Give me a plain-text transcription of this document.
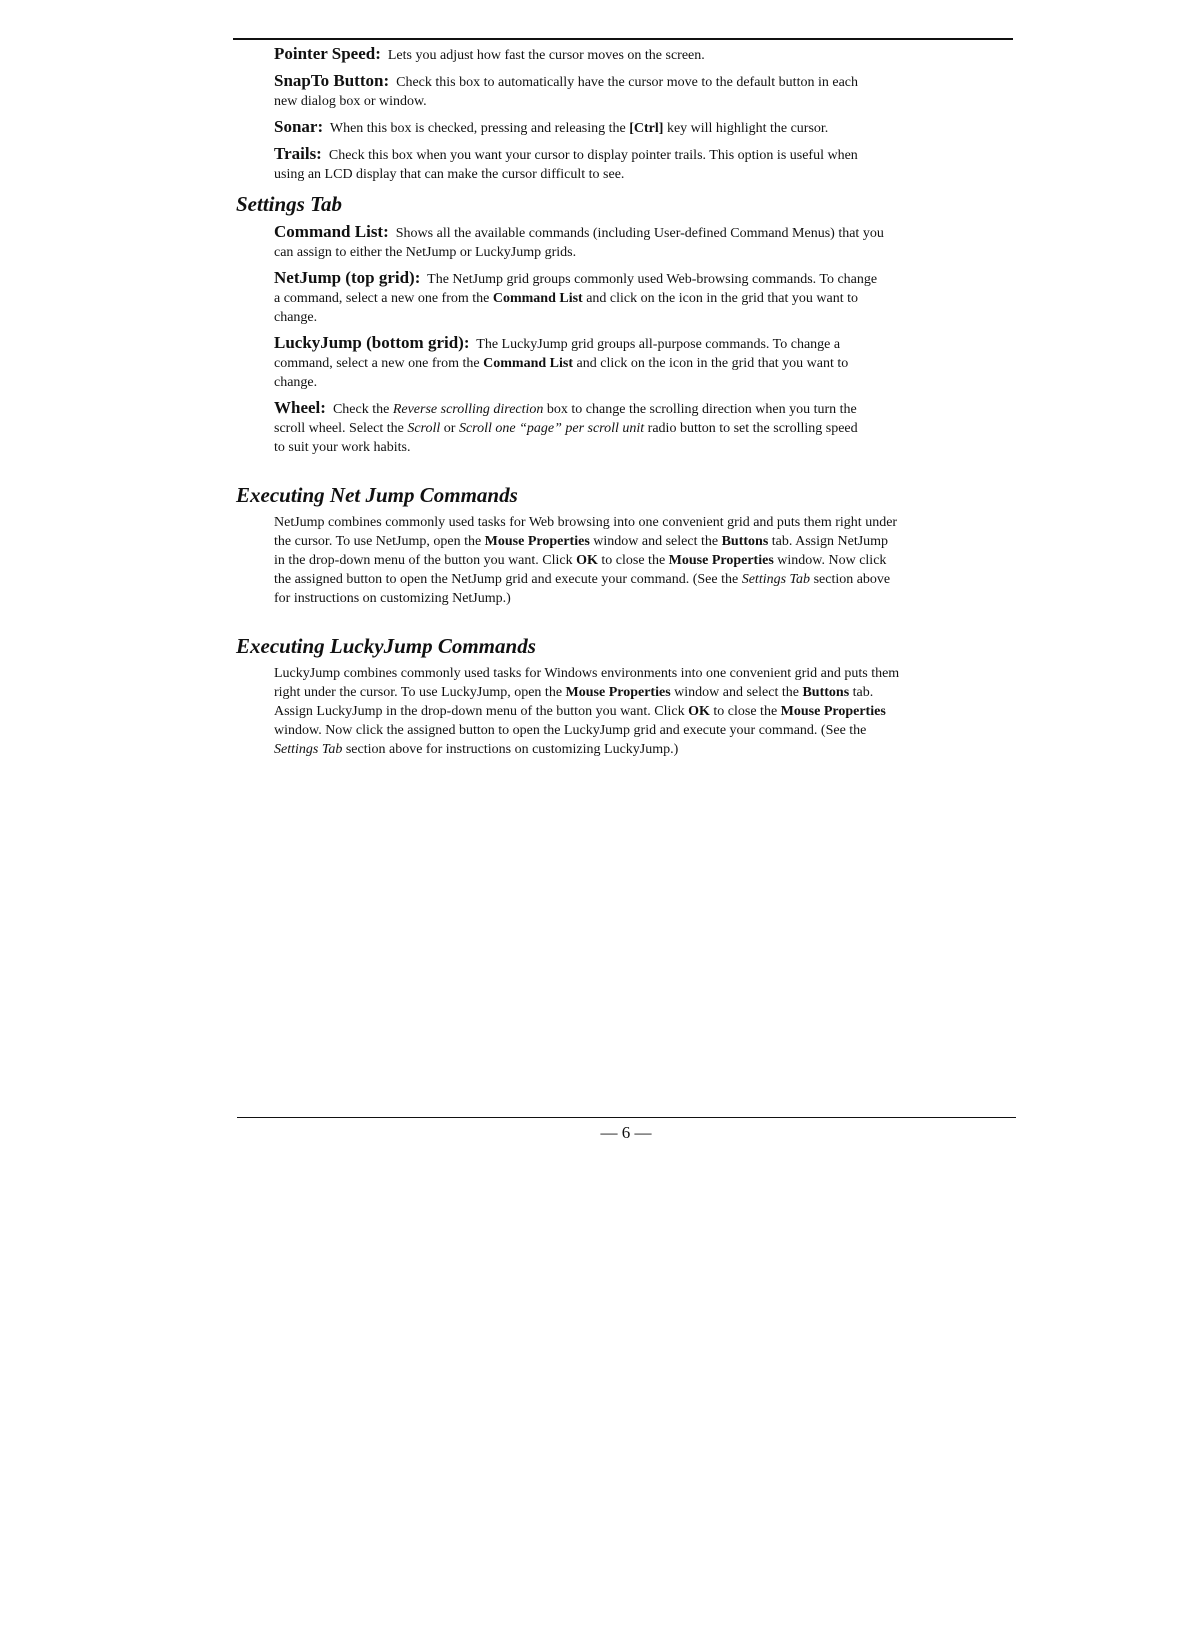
Pointer Speed: Lets you adjust how fast the cursor moves on the screen.
SnapTo Button: Check this box to automatically have the cursor move to the default button in each
new dialog box or window.
Sonar: When this box is checked, pressing and releasing the [Ctrl] key will highlight the cursor.
Trails: Check this box when you want your cursor to display pointer trails. This option is useful when
using an LCD display that can make the cursor difficult to see.
Settings Tab
Command List: Shows all the available commands (including User-defined Command Menus) that you
can assign to either the NetJump or LuckyJump grids.
NetJump (top grid): The NetJump grid groups commonly used Web-browsing commands. To change
a command, select a new one from the Command List and click on the icon in the grid that you want to
change.
LuckyJump (bottom grid): The LuckyJump grid groups all-purpose commands. To change a
command, select a new one from the Command List and click on the icon in the grid that you want to
change.
Wheel: Check the Reverse scrolling direction box to change the scrolling direction when you turn the
scroll wheel. Select the Scroll or Scroll one “page” per scroll unit radio button to set the scrolling speed
to suit your work habits.
Executing Net Jump Commands
NetJump combines commonly used tasks for Web browsing into one convenient grid and puts them right under
the cursor. To use NetJump, open the Mouse Properties window and select the Buttons tab. Assign NetJump
in the drop-down menu of the button you want. Click OK to close the Mouse Properties window. Now click
the assigned button to open the NetJump grid and execute your command. (See the Settings Tab section above
for instructions on customizing NetJump.)
Executing LuckyJump Commands
LuckyJump combines commonly used tasks for Windows environments into one convenient grid and puts them
right under the cursor. To use LuckyJump, open the Mouse Properties window and select the Buttons tab.
Assign LuckyJump in the drop-down menu of the button you want. Click OK to close the Mouse Properties
window. Now click the assigned button to open the LuckyJump grid and execute your command. (See the
Settings Tab section above for instructions on customizing LuckyJump.)
— 6 —
